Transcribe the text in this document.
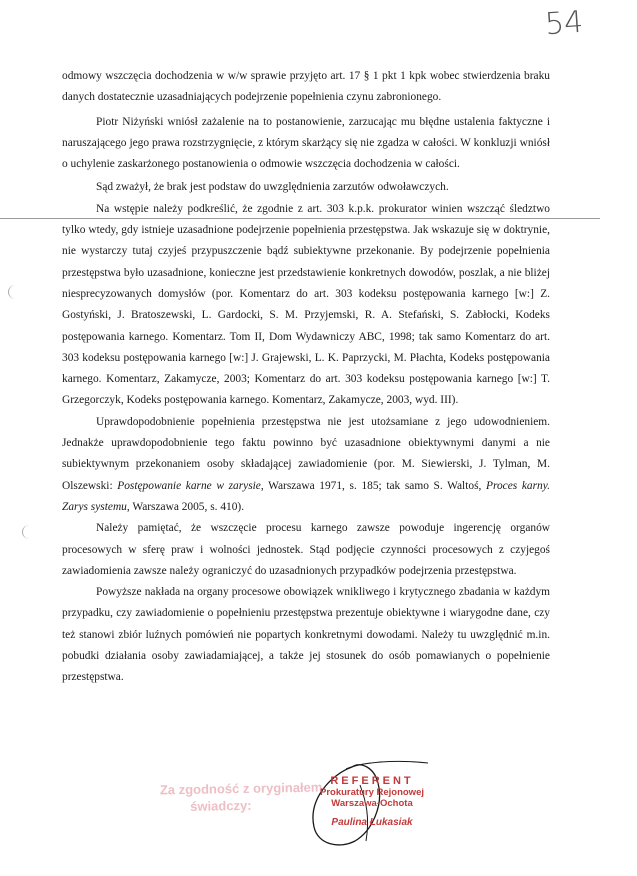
54

odmowy wszczęcia dochodzenia w w/w sprawie przyjęto art. 17 § 1 pkt 1 kpk wobec stwierdzenia braku danych dostatecznie uzasadniających podejrzenie popełnienia czynu zabronionego.

Piotr Niżyński wniósł zażalenie na to postanowienie, zarzucając mu błędne ustalenia faktyczne i naruszającego jego prawa rozstrzygnięcie, z którym skarżący się nie zgadza w całości. W konkluzji wniósł o uchylenie zaskarżonego postanowienia o odmowie wszczęcia dochodzenia w całości.

Sąd zważył, że brak jest podstaw do uwzględnienia zarzutów odwoławczych.

Na wstępie należy podkreślić, że zgodnie z art. 303 k.p.k. prokurator winien wszcząć śledztwo tylko wtedy, gdy istnieje uzasadnione podejrzenie popełnienia przestępstwa. Jak wskazuje się w doktrynie, nie wystarczy tutaj czyjeś przypuszczenie bądź subiektywne przekonanie. By podejrzenie popełnienia przestępstwa było uzasadnione, konieczne jest przedstawienie konkretnych dowodów, poszlak, a nie bliżej niesprecyzowanych domysłów (por. Komentarz do art. 303 kodeksu postępowania karnego [w:] Z. Gostyński, J. Bratoszewski, L. Gardocki, S. M. Przyjemski, R. A. Stefański, S. Zabłocki, Kodeks postępowania karnego. Komentarz. Tom II, Dom Wydawniczy ABC, 1998; tak samo Komentarz do art. 303 kodeksu postępowania karnego [w:] J. Grajewski, L. K. Paprzycki, M. Płachta, Kodeks postępowania karnego. Komentarz, Zakamycze, 2003; Komentarz do art. 303 kodeksu postępowania karnego [w:] T. Grzegorczyk, Kodeks postępowania karnego. Komentarz, Zakamycze, 2003, wyd. III).

Uprawdopodobnienie popełnienia przestępstwa nie jest utożsamiane z jego udowodnieniem. Jednakże uprawdopodobnienie tego faktu powinno być uzasadnione obiektywnymi danymi a nie subiektywnym przekonaniem osoby składającej zawiadomienie (por. M. Siewierski, J. Tylman, M. Olszewski: Postępowanie karne w zarysie, Warszawa 1971, s. 185; tak samo S. Waltoś, Proces karny. Zarys systemu, Warszawa 2005, s. 410).

Należy pamiętać, że wszczęcie procesu karnego zawsze powoduje ingerencję organów procesowych w sferę praw i wolności jednostek. Stąd podjęcie czynności procesowych z czyjegoś zawiadomienia zawsze należy ograniczyć do uzasadnionych przypadków podejrzenia przestępstwa.

Powyższe nakłada na organy procesowe obowiązek wnikliwego i krytycznego zbadania w każdym przypadku, czy zawiadomienie o popełnieniu przestępstwa prezentuje obiektywne i wiarygodne dane, czy też stanowi zbiór luźnych pomówień nie popartych konkretnymi dowodami. Należy tu uwzględnić m.in. pobudki działania osoby zawiadamiającej, a także jej stosunek do osób pomawianych o popełnienie przestępstwa.

Za zgodność z oryginałem
świadczy:
REFERENT
Prokuratury Rejonowej
Warszawa-Ochota
Paulina Łukasiak
